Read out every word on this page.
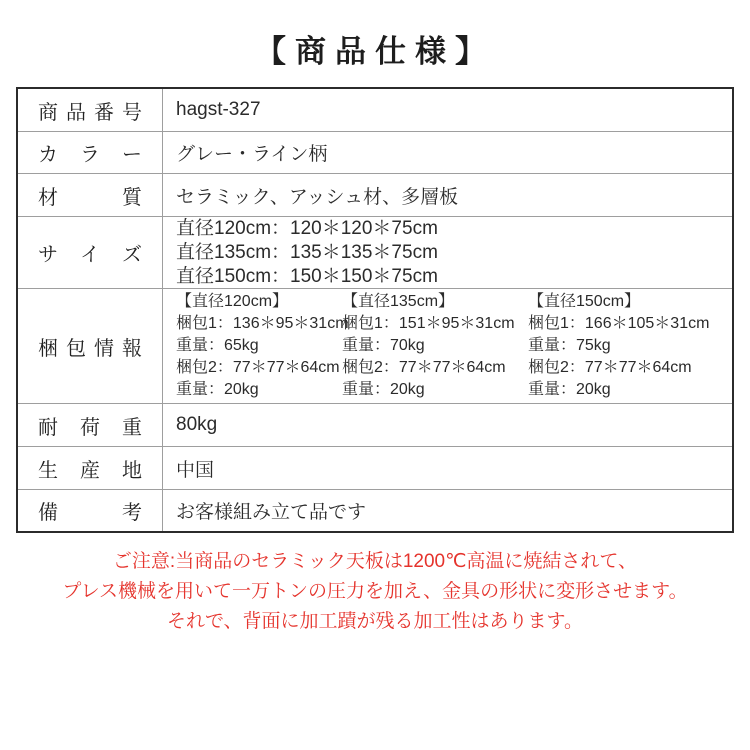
【商品仕様】
商 品 番 号 hagst-327
カ ラ ー グレー・ライン柄
材	質 セラミック、アッシュ材、多層板
サ イ ズ
直径120cm：120＊120＊75cm
直径135cm：135＊135＊75cm
直径150cm：150＊150＊75cm
梱 包 情 報
【直径120cm】
梱包1：136＊95＊31cm
重量：65kg
梱包2：77＊77＊64cm
重量：20kg
【直径135cm】
梱包1：151＊95＊31cm
重量：70kg
梱包2：77＊77＊64cm
重量：20kg
【直径150cm】
梱包1：166＊105＊31cm
重量：75kg
梱包2：77＊77＊64cm
重量：20kg
耐 荷 重 80kg
生 産 地 中国
備	考 お客様組み立て品です
ご注意:当商品のセラミック天板は1200℃高温に焼結されて、
プレス機械を用いて一万トンの圧力を加え、金具の形状に変形させます。
それで、背面に加工蹟が残る加工性はあります。
